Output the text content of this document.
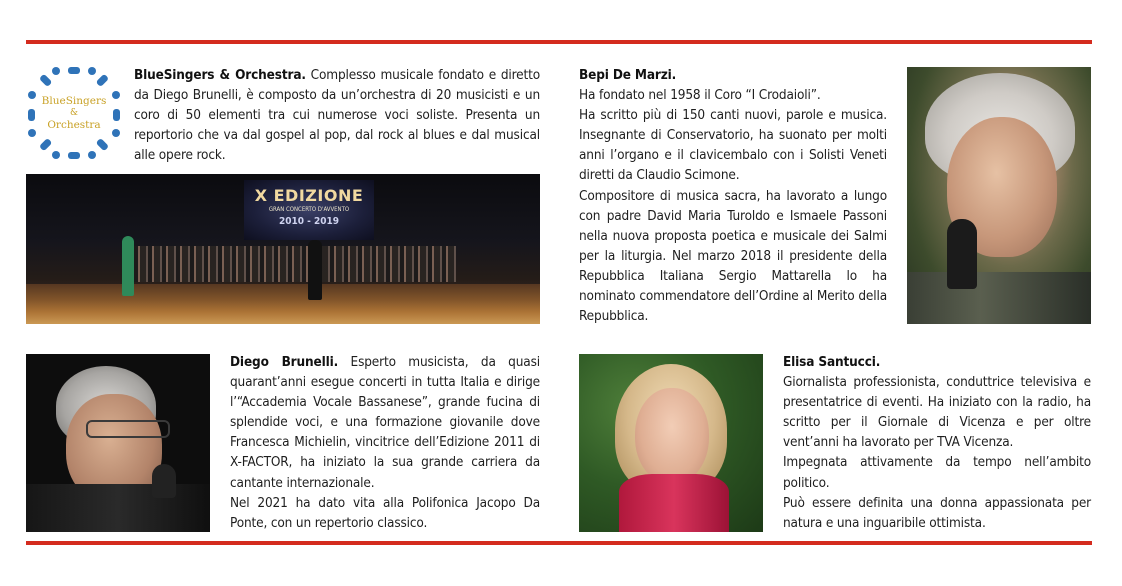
BlueSingers
&
Orchestra

BlueSingers & Orchestra. Complesso musicale fondato e diretto da Diego Brunelli, è composto da un’orchestra di 20 musicisti e un coro di 50 elementi tra cui numerose voci soliste. Presenta un reportorio che va dal gospel al pop, dal rock al blues e dal musical alle opere rock.

X EDIZIONE
GRAN CONCERTO D'AVVENTO
2010 - 2019

Bepi De Marzi.

Ha fondato nel 1958 il Coro “I Crodaioli”.

Ha scritto più di 150 canti nuovi, parole e musica. Insegnante di Conservatorio, ha suonato per molti anni l’organo e il clavicembalo con i Solisti Veneti diretti da Claudio Scimone.

Compositore di musica sacra, ha lavorato a lungo con padre David Maria Turoldo e Ismaele Passoni nella nuova proposta poetica e musicale dei Salmi per la liturgia. Nel marzo 2018 il presidente della Repubblica Italiana Sergio Mattarella lo ha nominato commendatore dell’Ordine al Merito della Repubblica.

Diego Brunelli. Esperto musicista, da quasi quarant’anni esegue concerti in tutta Italia e dirige l’“Accademia Vocale Bassanese”, grande fucina di splendide voci, e una formazione giovanile dove Francesca Michielin, vincitrice dell’Edizione 2011 di X-FACTOR, ha iniziato la sua grande carriera da cantante internazionale.

Nel 2021 ha dato vita alla Polifonica Jacopo Da Ponte, con un repertorio classico.

Elisa Santucci.

Giornalista professionista, conduttrice televisiva e presentatrice di eventi. Ha iniziato con la radio, ha scritto per il Giornale di Vicenza e per oltre vent’anni ha lavorato per TVA Vicenza.

Impegnata attivamente da tempo nell’ambito politico.

Può essere definita una donna appassionata per natura e una inguaribile ottimista.
